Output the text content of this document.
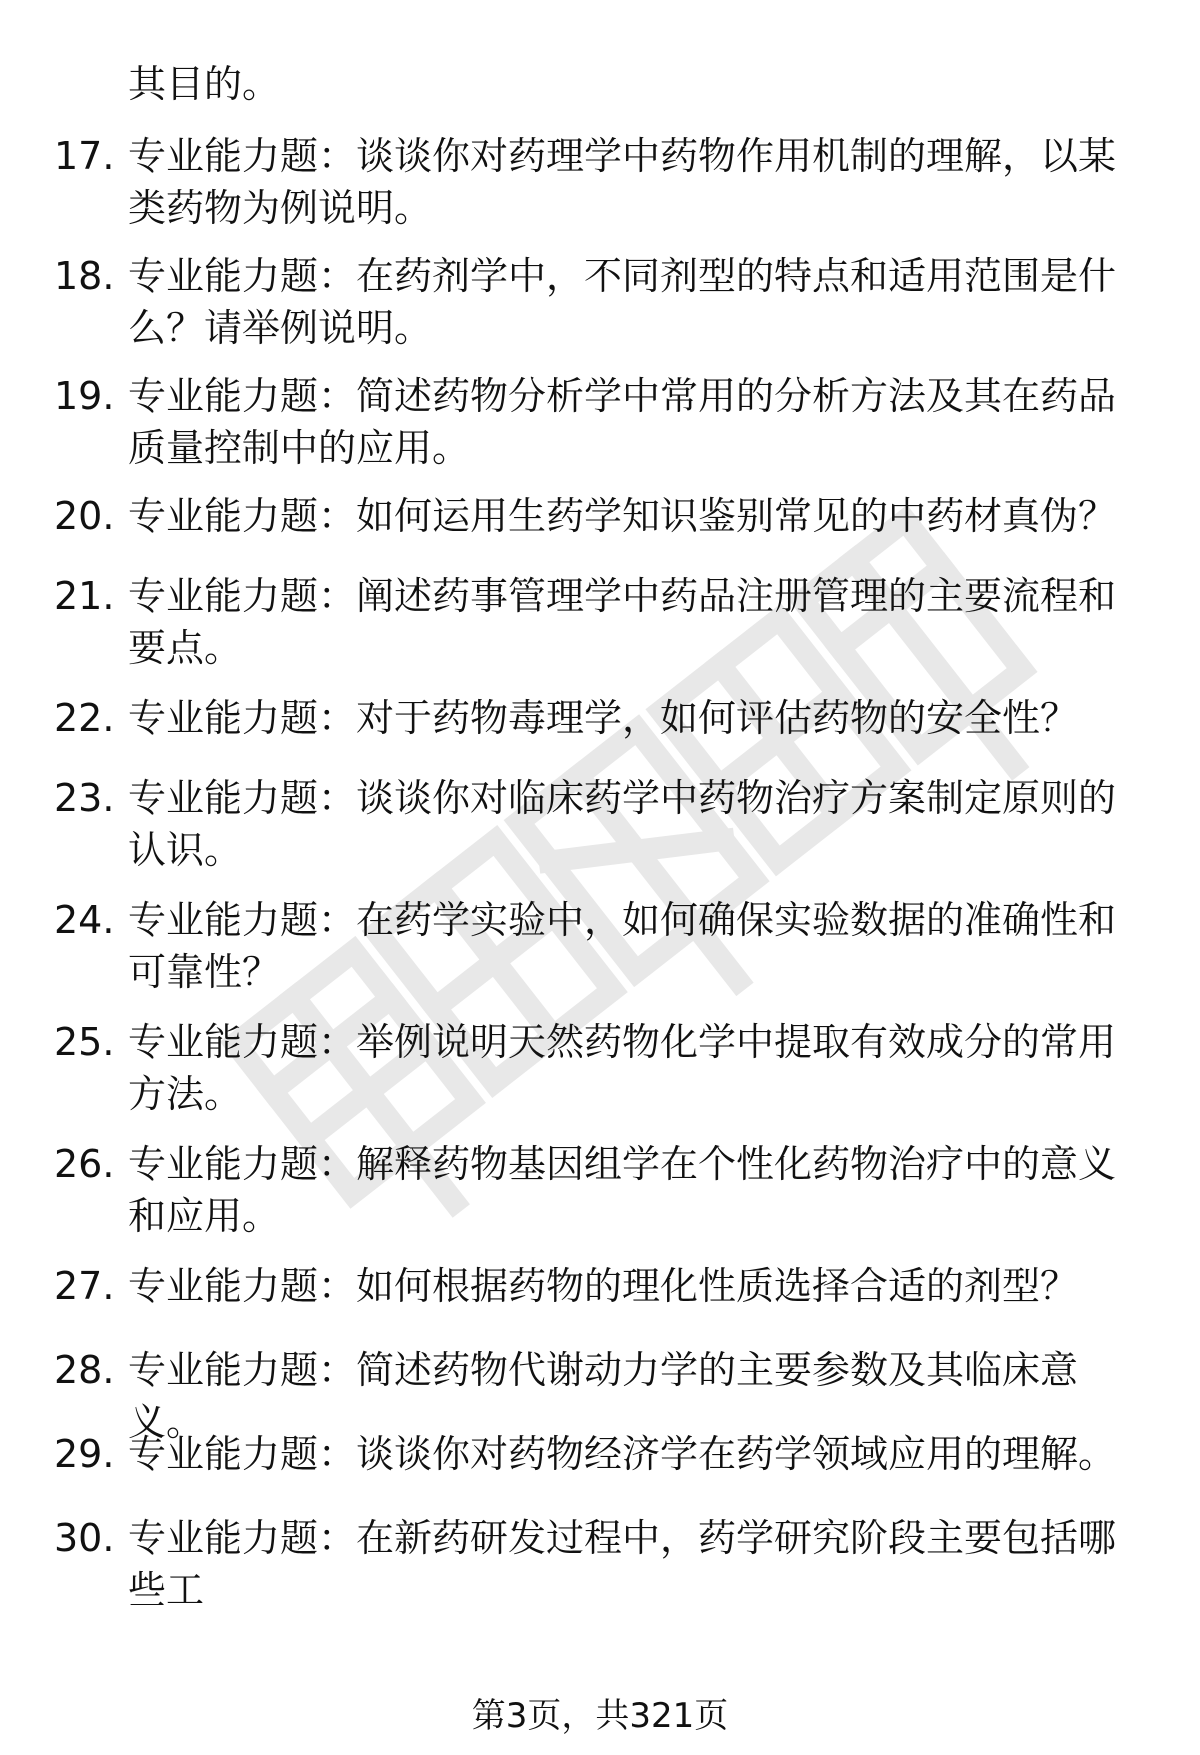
其目的。

17. 专业能力题：谈谈你对药理学中药物作用机制的理解，以某类药物为例说明。

18. 专业能力题：在药剂学中，不同剂型的特点和适用范围是什么？请举例说明。

19. 专业能力题：简述药物分析学中常用的分析方法及其在药品质量控制中的应用。

20. 专业能力题：如何运用生药学知识鉴别常见的中药材真伪？

21. 专业能力题：阐述药事管理学中药品注册管理的主要流程和要点。

22. 专业能力题：对于药物毒理学，如何评估药物的安全性？

23. 专业能力题：谈谈你对临床药学中药物治疗方案制定原则的认识。

24. 专业能力题：在药学实验中，如何确保实验数据的准确性和可靠性？

25. 专业能力题：举例说明天然药物化学中提取有效成分的常用方法。

26. 专业能力题：解释药物基因组学在个性化药物治疗中的意义和应用。

27. 专业能力题：如何根据药物的理化性质选择合适的剂型？

28. 专业能力题：简述药物代谢动力学的主要参数及其临床意义。

29. 专业能力题：谈谈你对药物经济学在药学领域应用的理解。

30. 专业能力题：在新药研发过程中，药学研究阶段主要包括哪些工

第3页，共321页
